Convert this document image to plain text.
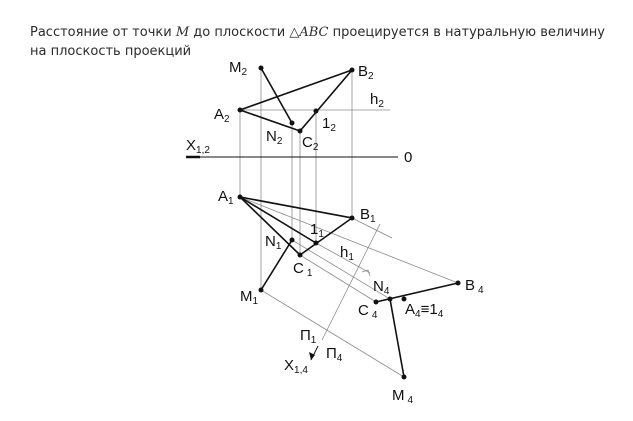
Расстояние от точки M до плоскости △ABC проецируется в натуральную величину на плоскость проекций

$M_2$	$B_2$
$h_2$
$A_2$
$N_2$ $C_2$
$1_2$
$X_{1,2}$	0
$A_1$
$B_1$
$N_1$
$1_1$
$h_1$
C $_1$
$M_1$
$N_4$	B $_4$
C $_4$ $A_4\equiv 1_4$
$П_1$
$П_4$
$X_{1,4}$
M $_4$
